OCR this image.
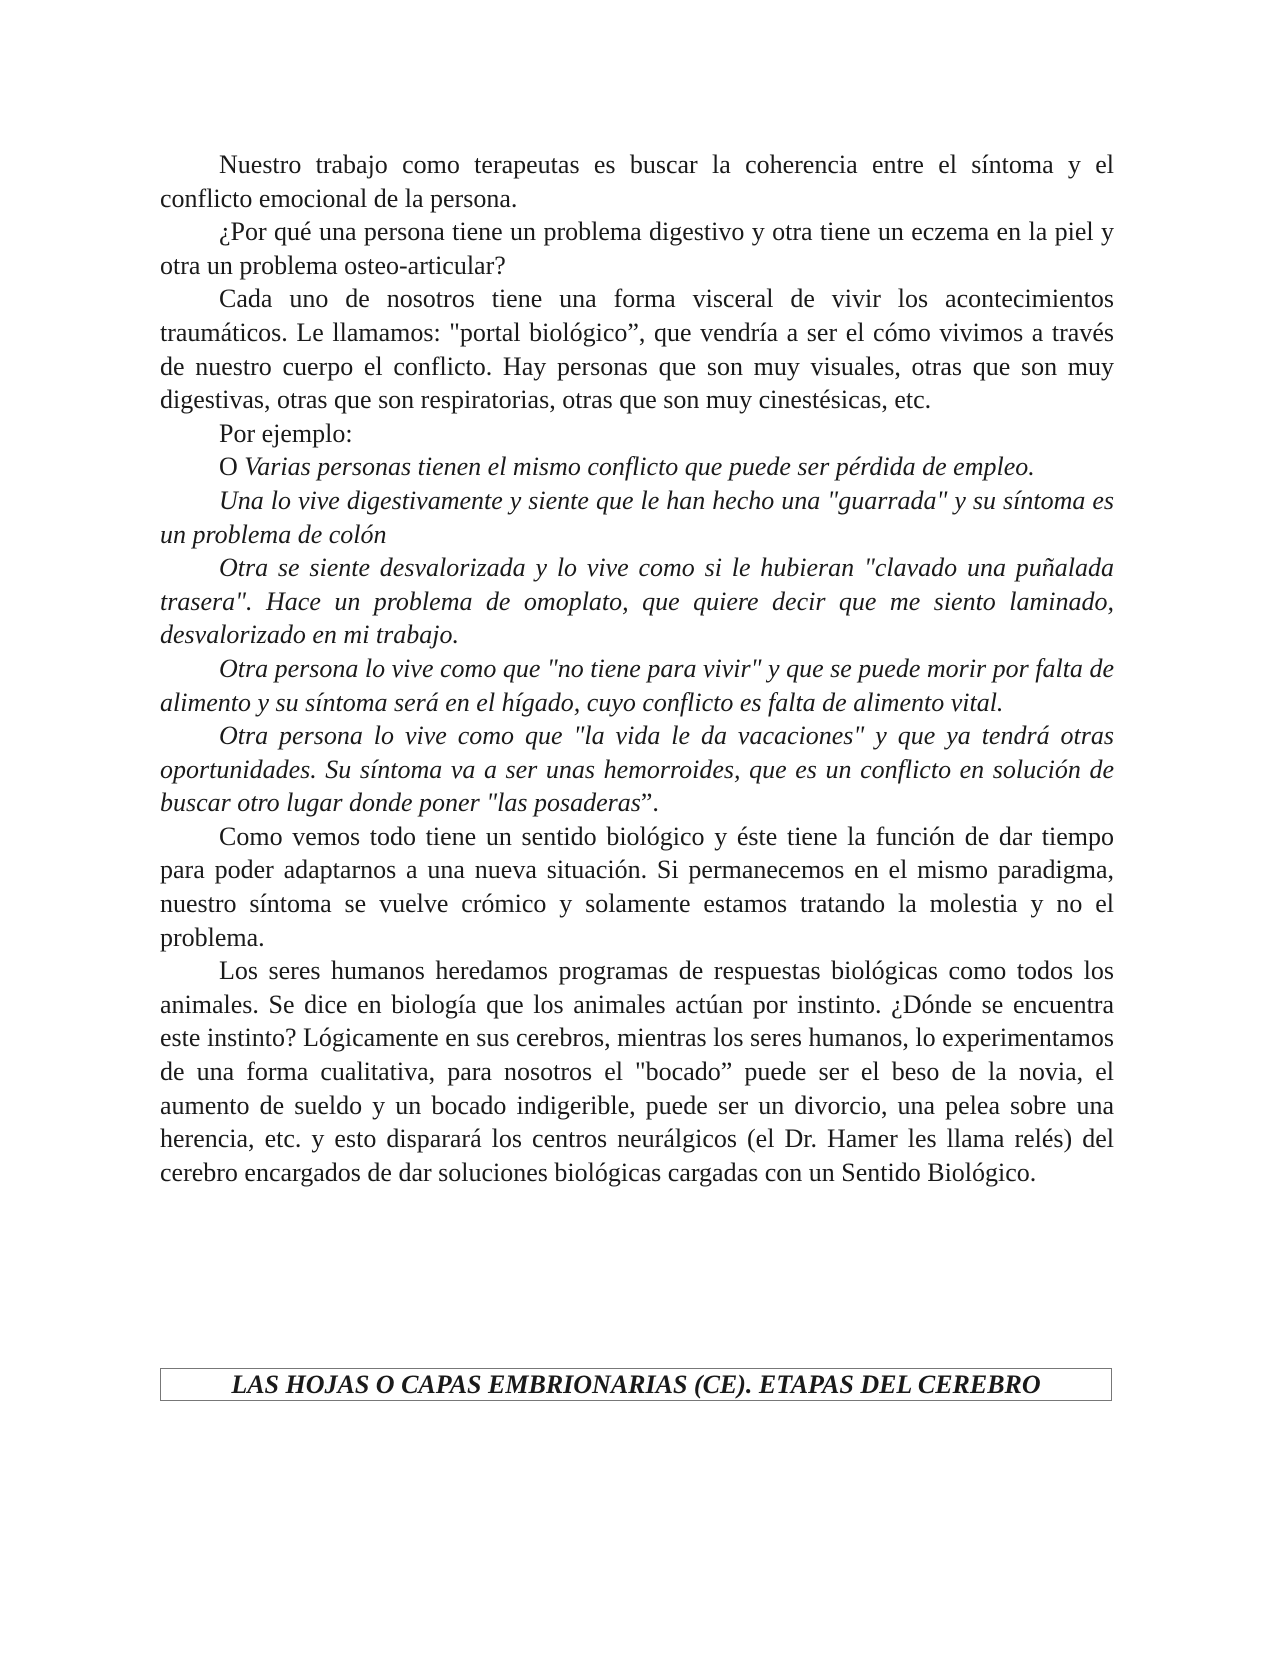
Nuestro trabajo como terapeutas es buscar la coherencia entre el síntoma y el conflicto emocional de la persona.

¿Por qué una persona tiene un problema digestivo y otra tiene un eczema en la piel y otra un problema osteo-articular?

Cada uno de nosotros tiene una forma visceral de vivir los acontecimientos traumáticos. Le llamamos: "portal biológico”, que vendría a ser el cómo vivimos a través de nuestro cuerpo el conflicto. Hay personas que son muy visuales, otras que son muy digestivas, otras que son respiratorias, otras que son muy cinestésicas, etc.

Por ejemplo:

O Varias personas tienen el mismo conflicto que puede ser pérdida de empleo.

Una lo vive digestivamente y siente que le han hecho una "guarrada" y su síntoma es un problema de colón

Otra se siente desvalorizada y lo vive como si le hubieran "clavado una puñalada trasera". Hace un problema de omoplato, que quiere decir que me siento laminado, desvalorizado en mi trabajo.

Otra persona lo vive como que "no tiene para vivir" y que se puede morir por falta de alimento y su síntoma será en el hígado, cuyo conflicto es falta de alimento vital.

Otra persona lo vive como que "la vida le da vacaciones" y que ya tendrá otras oportunidades. Su síntoma va a ser unas hemorroides, que es un conflicto en solución de buscar otro lugar donde poner "las posaderas”.

Como vemos todo tiene un sentido biológico y éste tiene la función de dar tiempo para poder adaptarnos a una nueva situación. Si permanecemos en el mismo paradigma, nuestro síntoma se vuelve crómico y solamente estamos tratando la molestia y no el problema.

Los seres humanos heredamos programas de respuestas biológicas como todos los animales. Se dice en biología que los animales actúan por instinto. ¿Dónde se encuentra este instinto? Lógicamente en sus cerebros, mientras los seres humanos, lo experimentamos de una forma cualitativa, para nosotros el "bocado” puede ser el beso de la novia, el aumento de sueldo y un bocado indigerible, puede ser un divorcio, una pelea sobre una herencia, etc. y esto disparará los centros neurálgicos (el Dr. Hamer les llama relés) del cerebro encargados de dar soluciones biológicas cargadas con un Sentido Biológico.

LAS HOJAS O CAPAS EMBRIONARIAS (CE). ETAPAS DEL CEREBRO
